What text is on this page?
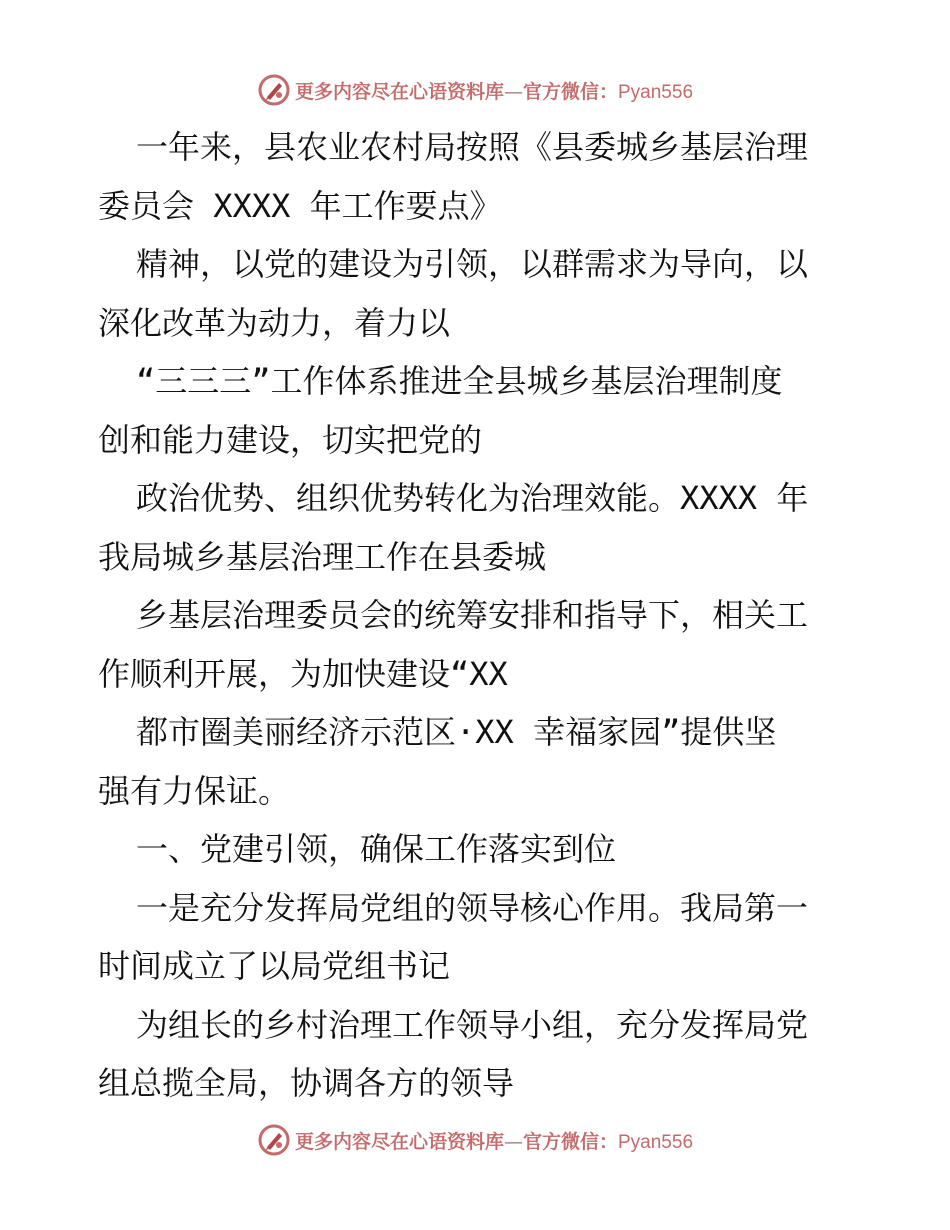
更多内容尽在心语资料库—官方微信：Pyan556
一年来，县农业农村局按照《县委城乡基层治理
委员会 XXXX 年工作要点》
精神，以党的建设为引领，以群需求为导向，以
深化改革为动力，着力以
“三三三”工作体系推进全县城乡基层治理制度
创和能力建设，切实把党的
政治优势、组织优势转化为治理效能。XXXX 年
我局城乡基层治理工作在县委城
乡基层治理委员会的统筹安排和指导下，相关工
作顺利开展，为加快建设“XX
都市圈美丽经济示范区·XX 幸福家园”提供坚
强有力保证。
一、党建引领，确保工作落实到位
一是充分发挥局党组的领导核心作用。我局第一
时间成立了以局党组书记
为组长的乡村治理工作领导小组，充分发挥局党
组总揽全局，协调各方的领导
更多内容尽在心语资料库—官方微信：Pyan556
